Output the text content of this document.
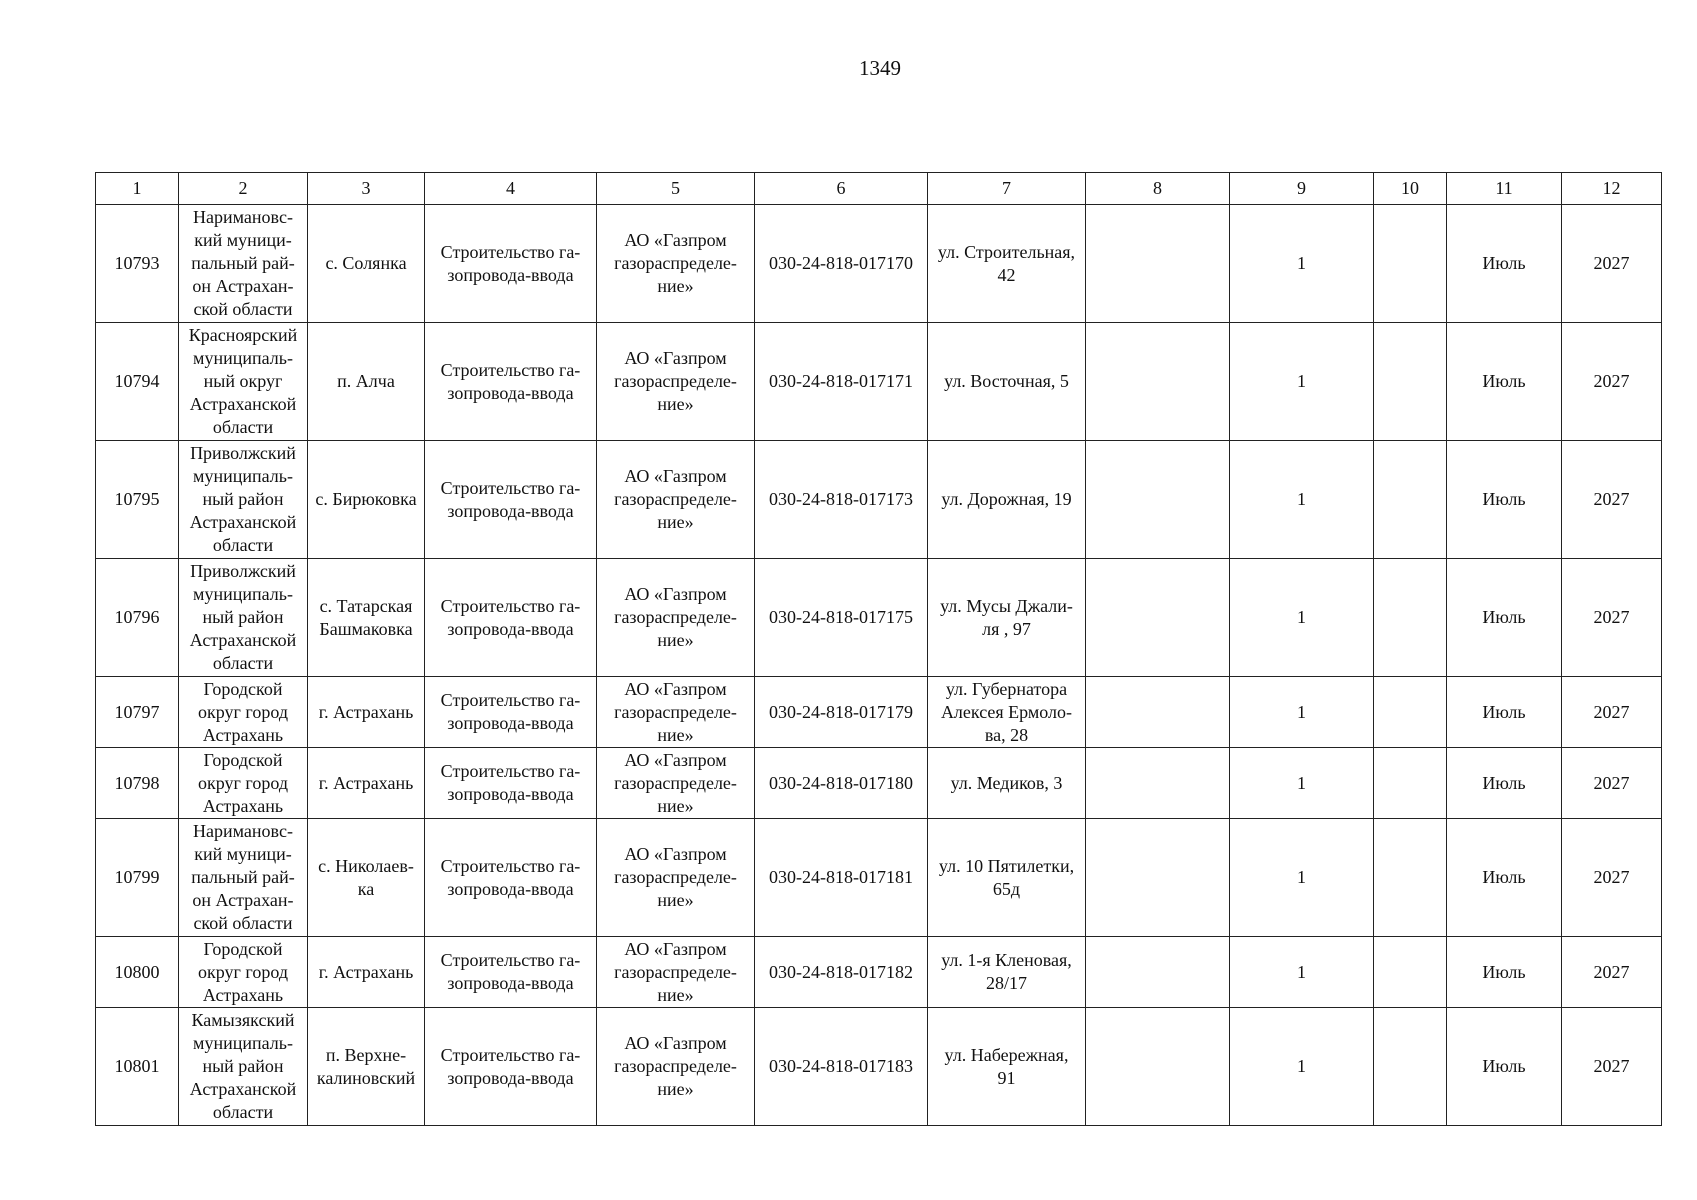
1349
1	2	3	4	5	6	7	8	9	10	11	12
10793	Наримановс-
кий муници-
пальный рай-
он Астрахан-
ской области	с. Солянка	Строительство га-
зопровода-ввода	АО «Газпром
газораспределе-
ние»	030-24-818-017170	ул. Строительная,
42		1		Июль	2027
10794	Красноярский
муниципаль-
ный округ
Астраханской
области	п. Алча	Строительство га-
зопровода-ввода	АО «Газпром
газораспределе-
ние»	030-24-818-017171	ул. Восточная, 5		1		Июль	2027
10795	Приволжский
муниципаль-
ный район
Астраханской
области	с. Бирюковка	Строительство га-
зопровода-ввода	АО «Газпром
газораспределе-
ние»	030-24-818-017173	ул. Дорожная, 19		1		Июль	2027
10796	Приволжский
муниципаль-
ный район
Астраханской
области	с. Татарская
Башмаковка	Строительство га-
зопровода-ввода	АО «Газпром
газораспределе-
ние»	030-24-818-017175	ул. Мусы Джали-
ля , 97		1		Июль	2027
10797	Городской
округ город
Астрахань	г. Астрахань	Строительство га-
зопровода-ввода	АО «Газпром
газораспределе-
ние»	030-24-818-017179	ул. Губернатора
Алексея Ермоло-
ва, 28		1		Июль	2027
10798	Городской
округ город
Астрахань	г. Астрахань	Строительство га-
зопровода-ввода	АО «Газпром
газораспределе-
ние»	030-24-818-017180	ул. Медиков, 3		1		Июль	2027
10799	Наримановс-
кий муници-
пальный рай-
он Астрахан-
ской области	с. Николаев-
ка	Строительство га-
зопровода-ввода	АО «Газпром
газораспределе-
ние»	030-24-818-017181	ул. 10 Пятилетки,
65д		1		Июль	2027
10800	Городской
округ город
Астрахань	г. Астрахань	Строительство га-
зопровода-ввода	АО «Газпром
газораспределе-
ние»	030-24-818-017182	ул. 1-я Кленовая,
28/17		1		Июль	2027
10801	Камызякский
муниципаль-
ный район
Астраханской
области	п. Верхне-
калиновский	Строительство га-
зопровода-ввода	АО «Газпром
газораспределе-
ние»	030-24-818-017183	ул. Набережная,
91		1		Июль	2027
